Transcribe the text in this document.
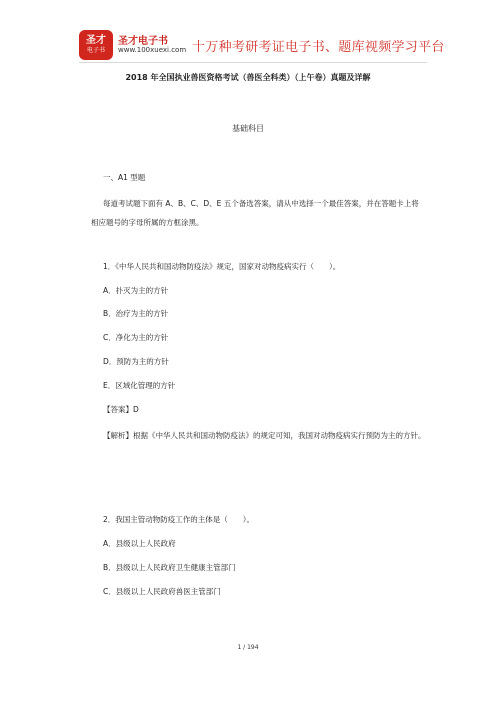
圣才
电子书
圣才电子书
www.100xuexi.com 十万种考研考证电子书、题库视频学习平台
2018 年全国执业兽医资格考试（兽医全科类）（上午卷）真题及详解
基础科目
一、A1 型题
每道考试题下面有 A、B、C、D、E 五个备选答案，请从中选择一个最佳答案，并在答题卡上将相应题号的字母所属的方框涂黑。
1．《中华人民共和国动物防疫法》规定，国家对动物疫病实行（　　）。
A．扑灭为主的方针
B．治疗为主的方针
C．净化为主的方针
D．预防为主的方针
E．区域化管理的方针
【答案】D
【解析】根据《中华人民共和国动物防疫法》的规定可知，我国对动物疫病实行预防为主的方针。
2．我国主管动物防疫工作的主体是（　　）。
A．县级以上人民政府
B．县级以上人民政府卫生健康主管部门
C．县级以上人民政府兽医主管部门
1 / 194
